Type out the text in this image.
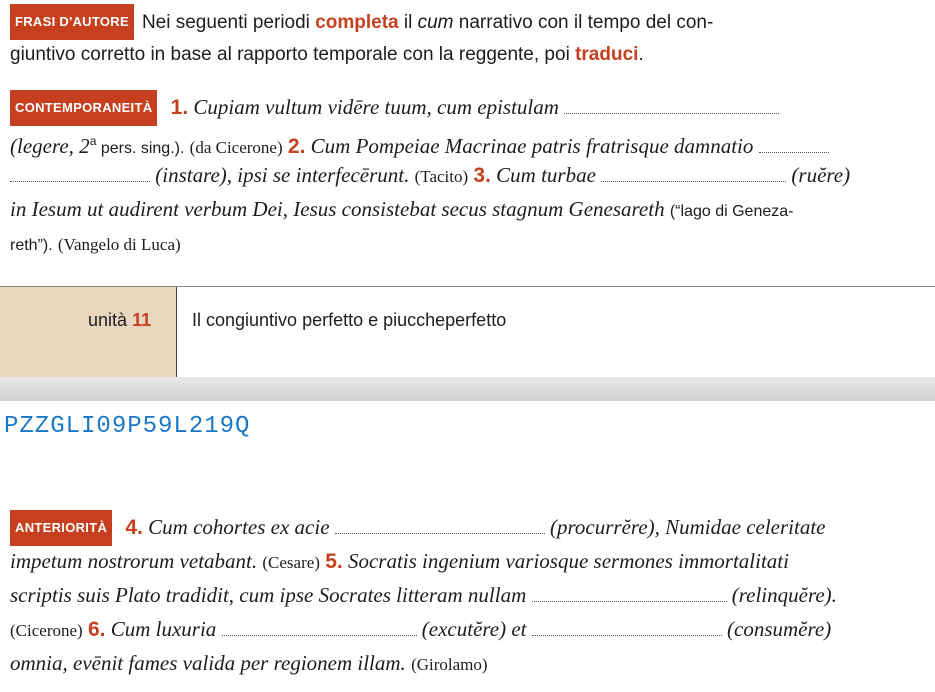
FRASI D'AUTORE Nei seguenti periodi completa il cum narrativo con il tempo del con-
giuntivo corretto in base al rapporto temporale con la reggente, poi traduci.
CONTEMPORANEITÀ 1. Cupiam vultum vidēre tuum, cum epistulam
(legere, 2$^a$ pers. sing.). (da Cicerone) 2. Cum Pompeiae Macrinae patris fratrisque damnatio
(instare), ipsi se interfecērunt. (Tacito) 3. Cum turbae	(ruĕre)
in Iesum ut audirent verbum Dei, Iesus consistebat secus stagnum Genesareth (“lago di Geneza-
reth”). (Vangelo di Luca)
unità 11 Il congiuntivo perfetto e piuccheperfetto
PZZGLI09P59L219Q
ANTERIORITÀ 4. Cum cohortes ex acie	(procurrĕre), Numidae celeritate
impetum nostrorum vetabant. (Cesare) 5. Socratis ingenium variosque sermones immortalitati
scriptis suis Plato tradidit, cum ipse Socrates litteram nullam	(relinquĕre).
(Cicerone) 6. Cum luxuria	(excutĕre) et	(consumĕre)
omnia, evēnit fames valida per regionem illam. (Girolamo)
